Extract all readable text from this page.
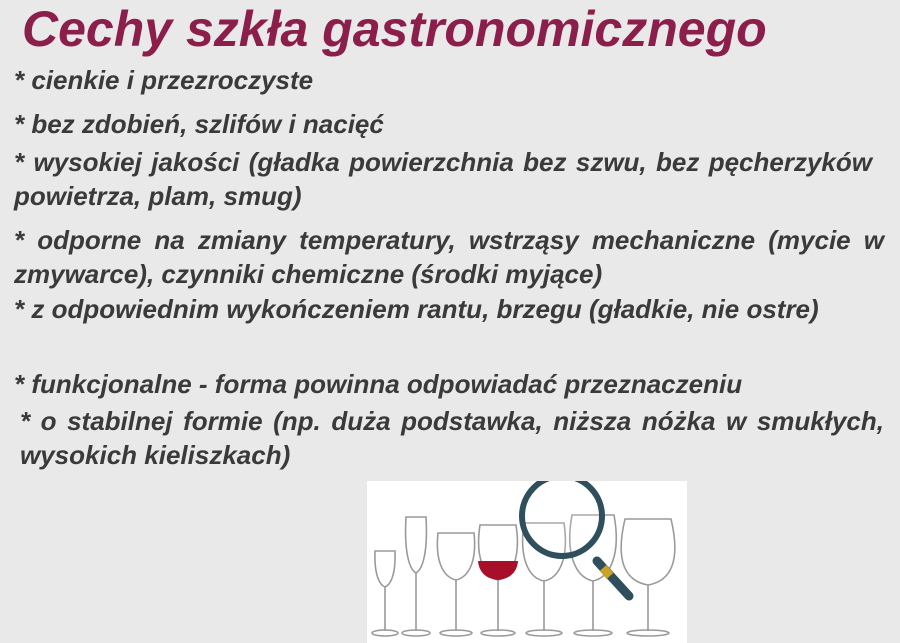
Cechy szkła gastronomicznego

* cienkie i przezroczyste

* bez zdobień, szlifów i nacięć

* wysokiej jakości (gładka powierzchnia bez szwu, bez pęcherzyków powietrza, plam, smug)

* odporne na zmiany temperatury, wstrząsy mechaniczne (mycie w zmywarce), czynniki chemiczne (środki myjące)

* z odpowiednim wykończeniem rantu, brzegu (gładkie, nie ostre)

* funkcjonalne - forma powinna odpowiadać przeznaczeniu

* o stabilnej formie (np. duża podstawka, niższa nóżka w smukłych, wysokich kieliszkach)
